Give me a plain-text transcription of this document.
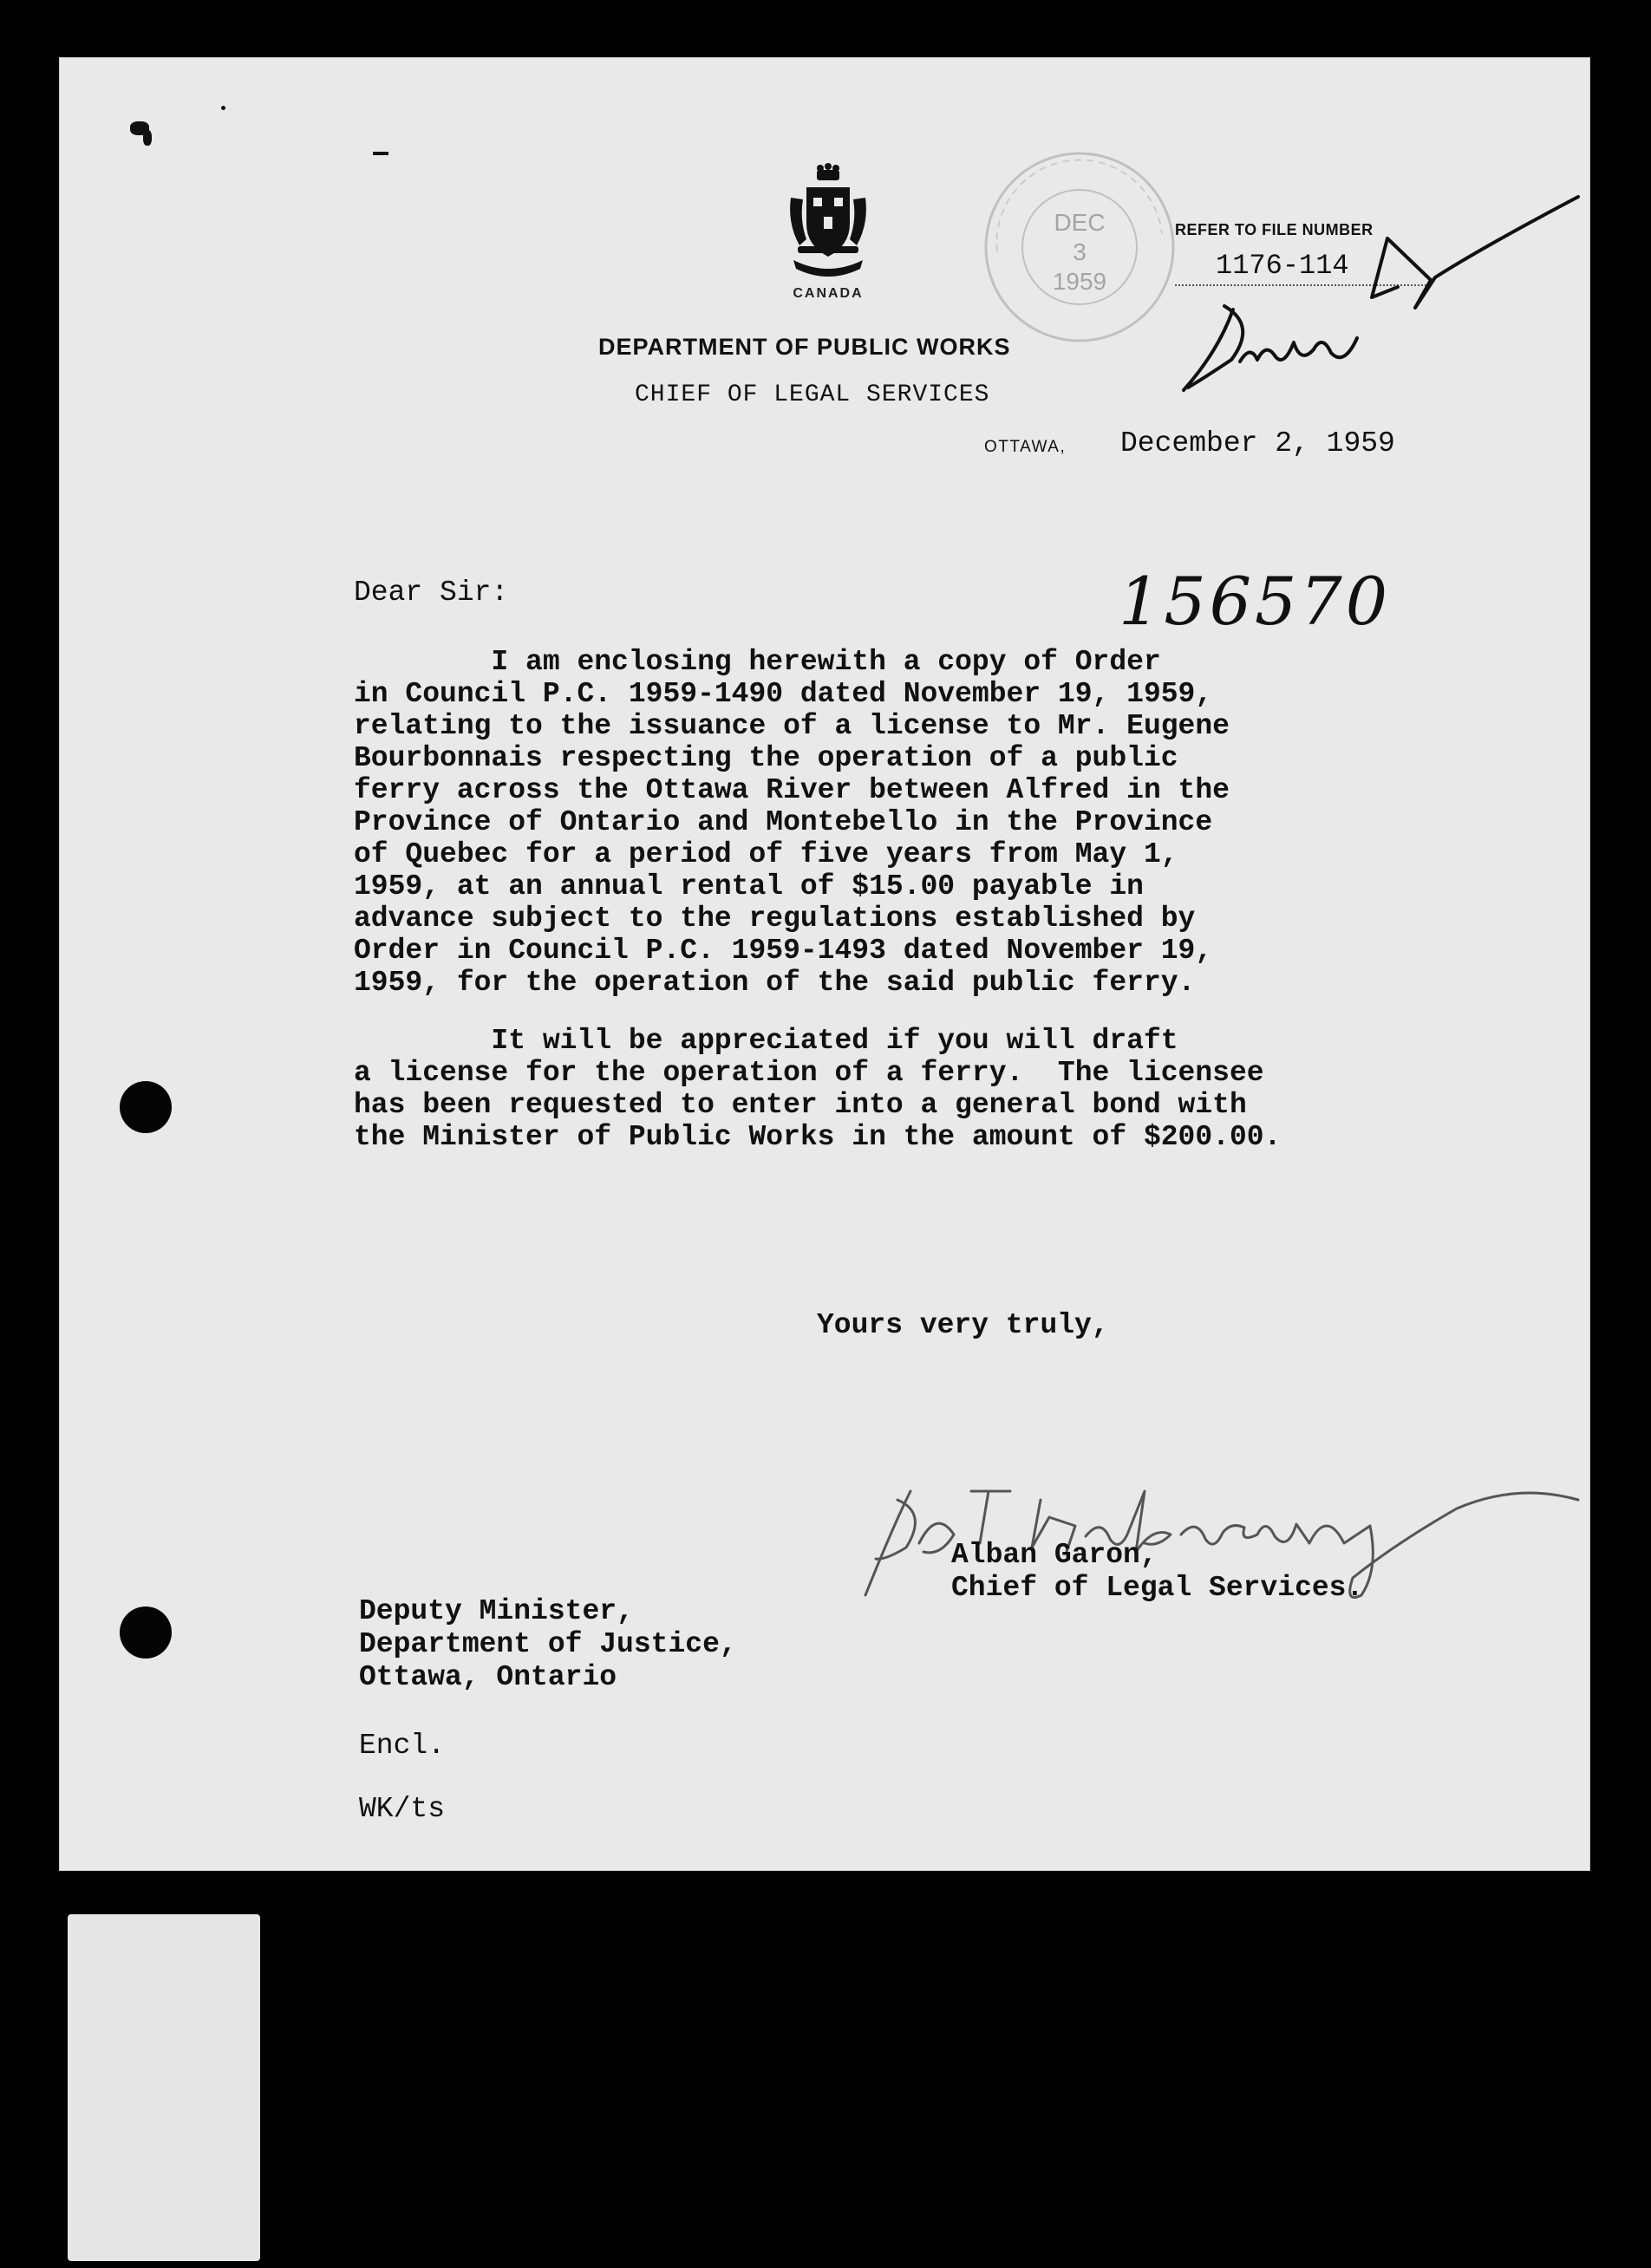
CANADA
DEC
3
1959
DEPARTMENT OF PUBLIC WORKS
CHIEF OF LEGAL SERVICES
REFER TO FILE NUMBER
1176-114
OTTAWA, December 2, 1959
156570
Dear Sir:
I am enclosing herewith a copy of Order
in Council P.C. 1959-1490 dated November 19, 1959,
relating to the issuance of a license to Mr. Eugene
Bourbonnais respecting the operation of a public
ferry across the Ottawa River between Alfred in the
Province of Ontario and Montebello in the Province
of Quebec for a period of five years from May 1,
1959, at an annual rental of $15.00 payable in
advance subject to the regulations established by
Order in Council P.C. 1959-1493 dated November 19,
1959, for the operation of the said public ferry.
It will be appreciated if you will draft
a license for the operation of a ferry.  The licensee
has been requested to enter into a general bond with
the Minister of Public Works in the amount of $200.00.
Yours very truly,
Alban Garon,
Chief of Legal Services.
Deputy Minister,
Department of Justice,
Ottawa, Ontario
Encl.
WK/ts
